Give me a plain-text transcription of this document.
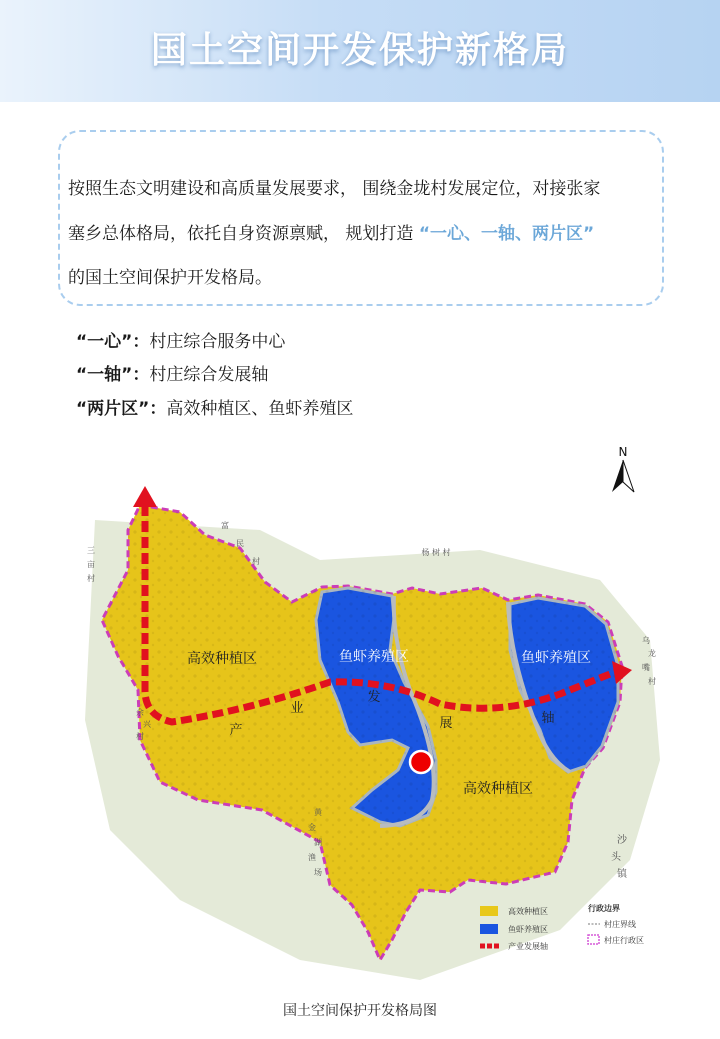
国土空间开发保护新格局
按照生态文明建设和高质量发展要求， 围绕金垅村发展定位，对接张家
塞乡总体格局，依托自身资源禀赋， 规划打造 “一心、一轴、两片区”
的国土空间保护开发格局。
“一心”：村庄综合服务中心
“一轴”：村庄综合发展轴
“两片区”：高效种植区、鱼虾养殖区
高效种植区	鱼虾养殖区	鱼虾养殖区
高效种植区
产
业
发
展	轴
三
亩
村
富
民
村
杨 树 村
乌
龙
嘴
村
余
兴
村
黄
金
湖
渔
场
沙
头
镇
N
高效种植区
鱼虾养殖区
产业发展轴
行政边界
村庄界线
村庄行政区
国土空间保护开发格局图
